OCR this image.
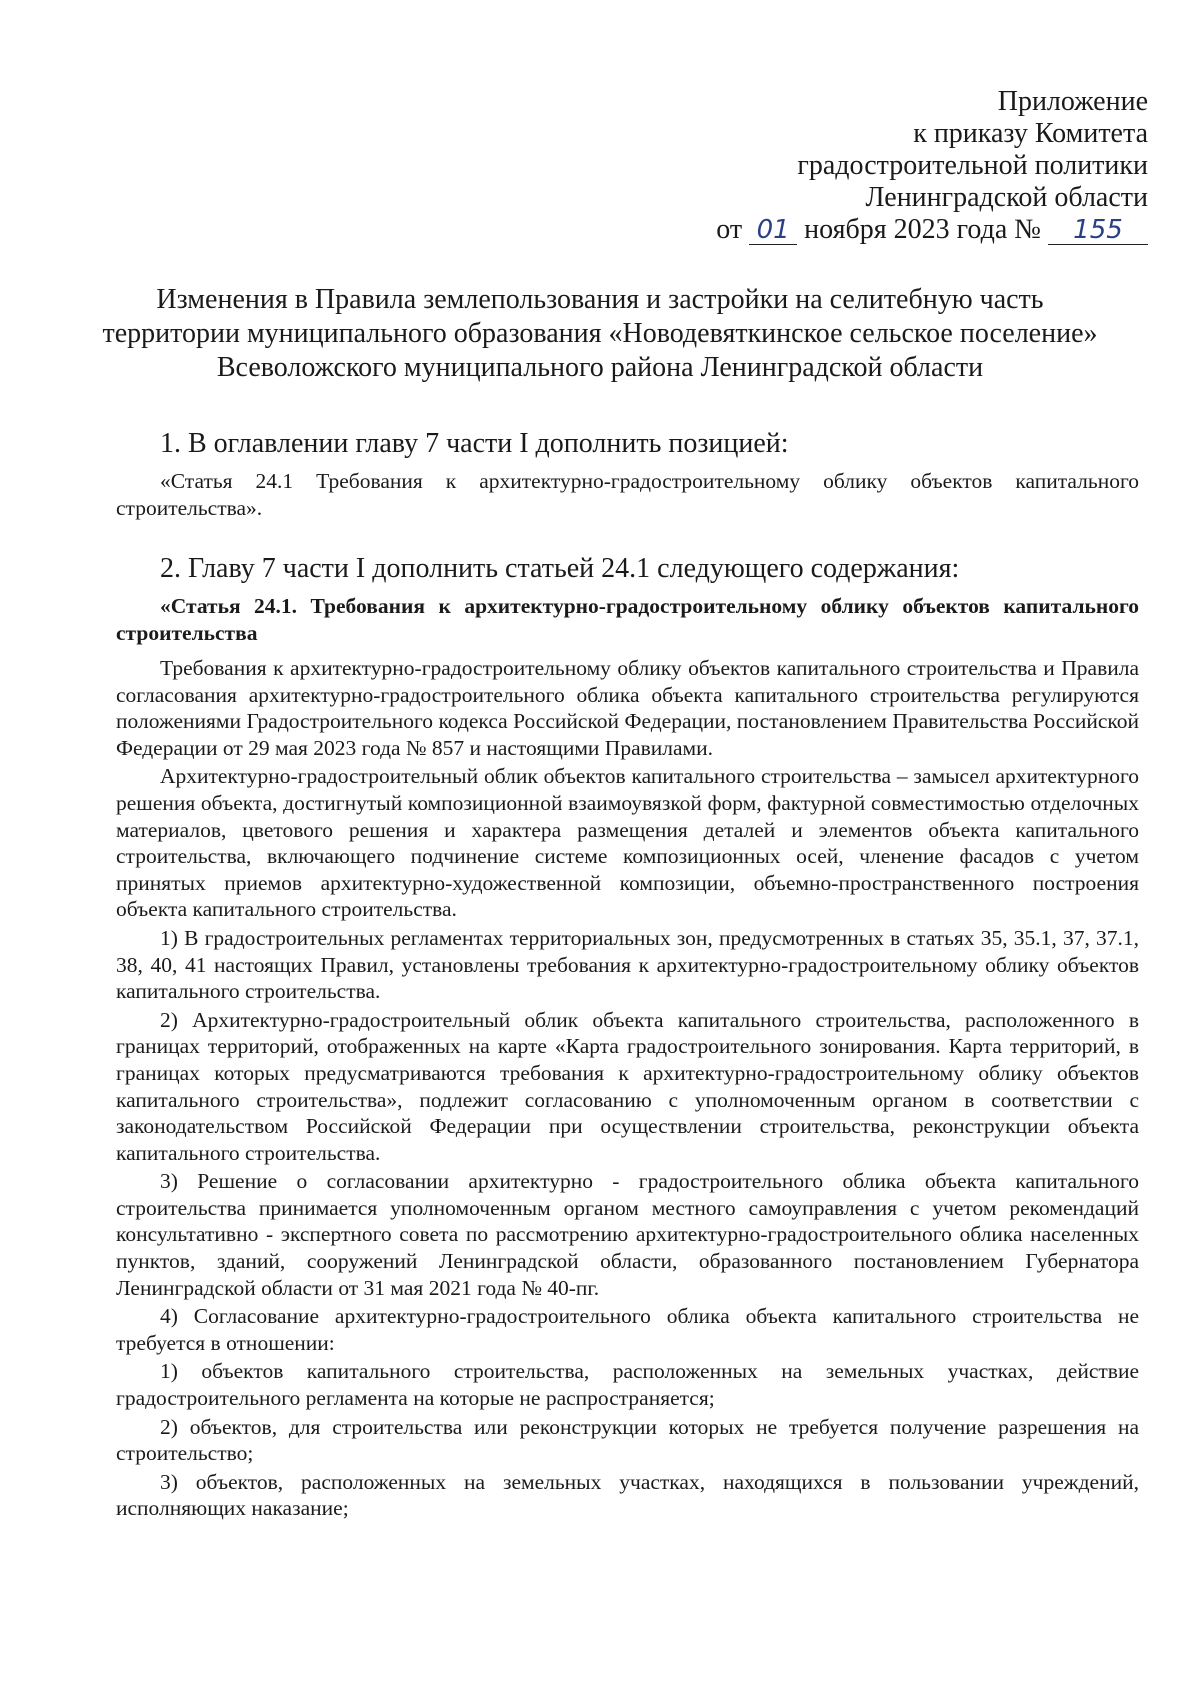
Приложение
к приказу Комитета
градостроительной политики
Ленинградской области
от 01 ноября 2023 года № 155
Изменения в Правила землепользования и застройки на селитебную часть
территории муниципального образования «Новодевяткинское сельское поселение»
Всеволожского муниципального района Ленинградской области
1. В оглавлении главу 7 части I дополнить позицией:

«Статья 24.1 Требования к архитектурно-градостроительному облику объектов капитального строительства».

2. Главу 7 части I дополнить статьей 24.1 следующего содержания:

«Статья 24.1. Требования к архитектурно-градостроительному облику объектов капитального строительства

Требования к архитектурно-градостроительному облику объектов капитального строительства и Правила согласования архитектурно-градостроительного облика объекта капитального строительства регулируются положениями Градостроительного кодекса Российской Федерации, постановлением Правительства Российской Федерации от 29 мая 2023 года № 857 и настоящими Правилами.

Архитектурно-градостроительный облик объектов капитального строительства – замысел архитектурного решения объекта, достигнутый композиционной взаимоувязкой форм, фактурной совместимостью отделочных материалов, цветового решения и характера размещения деталей и элементов объекта капитального строительства, включающего подчинение системе композиционных осей, членение фасадов с учетом принятых приемов архитектурно-художественной композиции, объемно-пространственного построения объекта капитального строительства.

1) В градостроительных регламентах территориальных зон, предусмотренных в статьях 35, 35.1, 37, 37.1, 38, 40, 41 настоящих Правил, установлены требования к архитектурно-градостроительному облику объектов капитального строительства.

2) Архитектурно-градостроительный облик объекта капитального строительства, расположенного в границах территорий, отображенных на карте «Карта градостроительного зонирования. Карта территорий, в границах которых предусматриваются требования к архитектурно-градостроительному облику объектов капитального строительства», подлежит согласованию с уполномоченным органом в соответствии с законодательством Российской Федерации при осуществлении строительства, реконструкции объекта капитального строительства.

3) Решение о согласовании архитектурно - градостроительного облика объекта капитального строительства принимается уполномоченным органом местного самоуправления с учетом рекомендаций консультативно - экспертного совета по рассмотрению архитектурно-градостроительного облика населенных пунктов, зданий, сооружений Ленинградской области, образованного постановлением Губернатора Ленинградской области от 31 мая 2021 года № 40-пг.

4) Согласование архитектурно-градостроительного облика объекта капитального строительства не требуется в отношении:

1) объектов капитального строительства, расположенных на земельных участках, действие градостроительного регламента на которые не распространяется;

2) объектов, для строительства или реконструкции которых не требуется получение разрешения на строительство;

3) объектов, расположенных на земельных участках, находящихся в пользовании учреждений, исполняющих наказание;
